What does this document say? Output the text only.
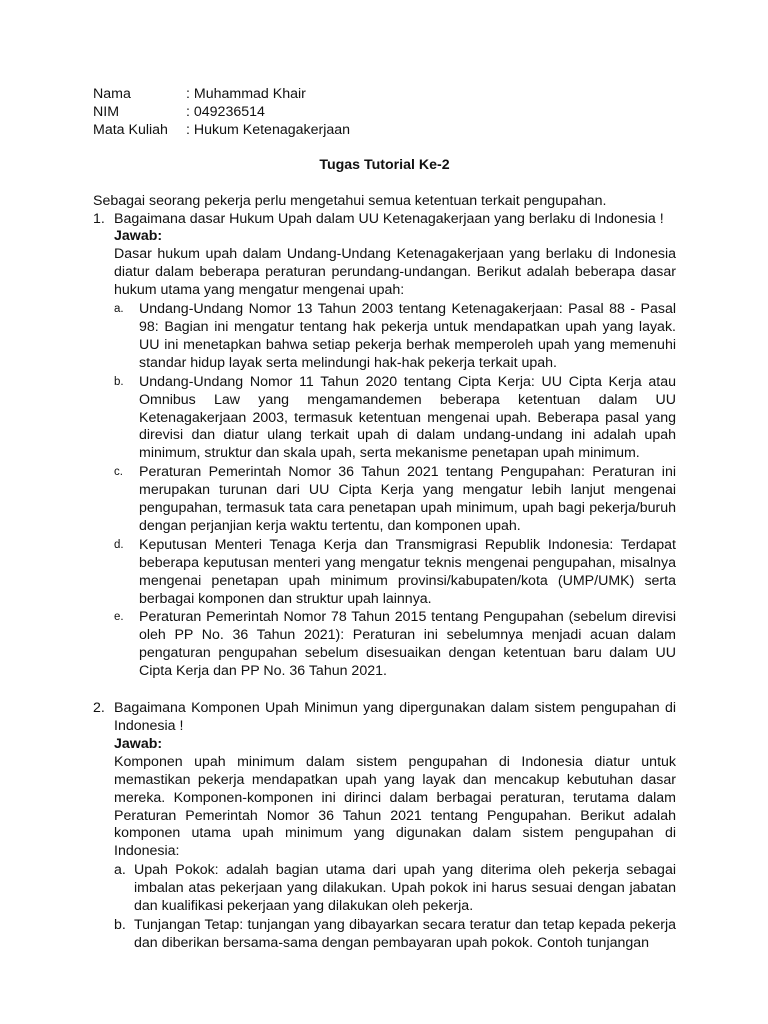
Nama	: Muhammad Khair
NIM	: 049236514
Mata Kuliah	: Hukum Ketenagakerjaan
Tugas Tutorial Ke-2
Sebagai seorang pekerja perlu mengetahui semua ketentuan terkait pengupahan.
1. Bagaimana dasar Hukum Upah dalam UU Ketenagakerjaan yang berlaku di Indonesia !
Jawab:
Dasar hukum upah dalam Undang-Undang Ketenagakerjaan yang berlaku di Indonesia diatur dalam beberapa peraturan perundang-undangan. Berikut adalah beberapa dasar hukum utama yang mengatur mengenai upah:
a.	Undang-Undang Nomor 13 Tahun 2003 tentang Ketenagakerjaan: Pasal 88 - Pasal 98: Bagian ini mengatur tentang hak pekerja untuk mendapatkan upah yang layak. UU ini menetapkan bahwa setiap pekerja berhak memperoleh upah yang memenuhi standar hidup layak serta melindungi hak-hak pekerja terkait upah.
b.	Undang-Undang Nomor 11 Tahun 2020 tentang Cipta Kerja: UU Cipta Kerja atau Omnibus Law yang mengamandemen beberapa ketentuan dalam UU Ketenagakerjaan 2003, termasuk ketentuan mengenai upah. Beberapa pasal yang direvisi dan diatur ulang terkait upah di dalam undang-undang ini adalah upah minimum, struktur dan skala upah, serta mekanisme penetapan upah minimum.
c.	Peraturan Pemerintah Nomor 36 Tahun 2021 tentang Pengupahan: Peraturan ini merupakan turunan dari UU Cipta Kerja yang mengatur lebih lanjut mengenai pengupahan, termasuk tata cara penetapan upah minimum, upah bagi pekerja/buruh dengan perjanjian kerja waktu tertentu, dan komponen upah.
d.	Keputusan Menteri Tenaga Kerja dan Transmigrasi Republik Indonesia: Terdapat beberapa keputusan menteri yang mengatur teknis mengenai pengupahan, misalnya mengenai penetapan upah minimum provinsi/kabupaten/kota (UMP/UMK) serta berbagai komponen dan struktur upah lainnya.
e.	Peraturan Pemerintah Nomor 78 Tahun 2015 tentang Pengupahan (sebelum direvisi oleh PP No. 36 Tahun 2021): Peraturan ini sebelumnya menjadi acuan dalam pengaturan pengupahan sebelum disesuaikan dengan ketentuan baru dalam UU Cipta Kerja dan PP No. 36 Tahun 2021.
2. Bagaimana Komponen Upah Minimun yang dipergunakan dalam sistem pengupahan di Indonesia !
Jawab:
Komponen upah minimum dalam sistem pengupahan di Indonesia diatur untuk memastikan pekerja mendapatkan upah yang layak dan mencakup kebutuhan dasar mereka. Komponen-komponen ini dirinci dalam berbagai peraturan, terutama dalam Peraturan Pemerintah Nomor 36 Tahun 2021 tentang Pengupahan. Berikut adalah komponen utama upah minimum yang digunakan dalam sistem pengupahan di Indonesia:
a. Upah Pokok: adalah bagian utama dari upah yang diterima oleh pekerja sebagai imbalan atas pekerjaan yang dilakukan. Upah pokok ini harus sesuai dengan jabatan dan kualifikasi pekerjaan yang dilakukan oleh pekerja.
b. Tunjangan Tetap: tunjangan yang dibayarkan secara teratur dan tetap kepada pekerja dan diberikan bersama-sama dengan pembayaran upah pokok. Contoh tunjangan
